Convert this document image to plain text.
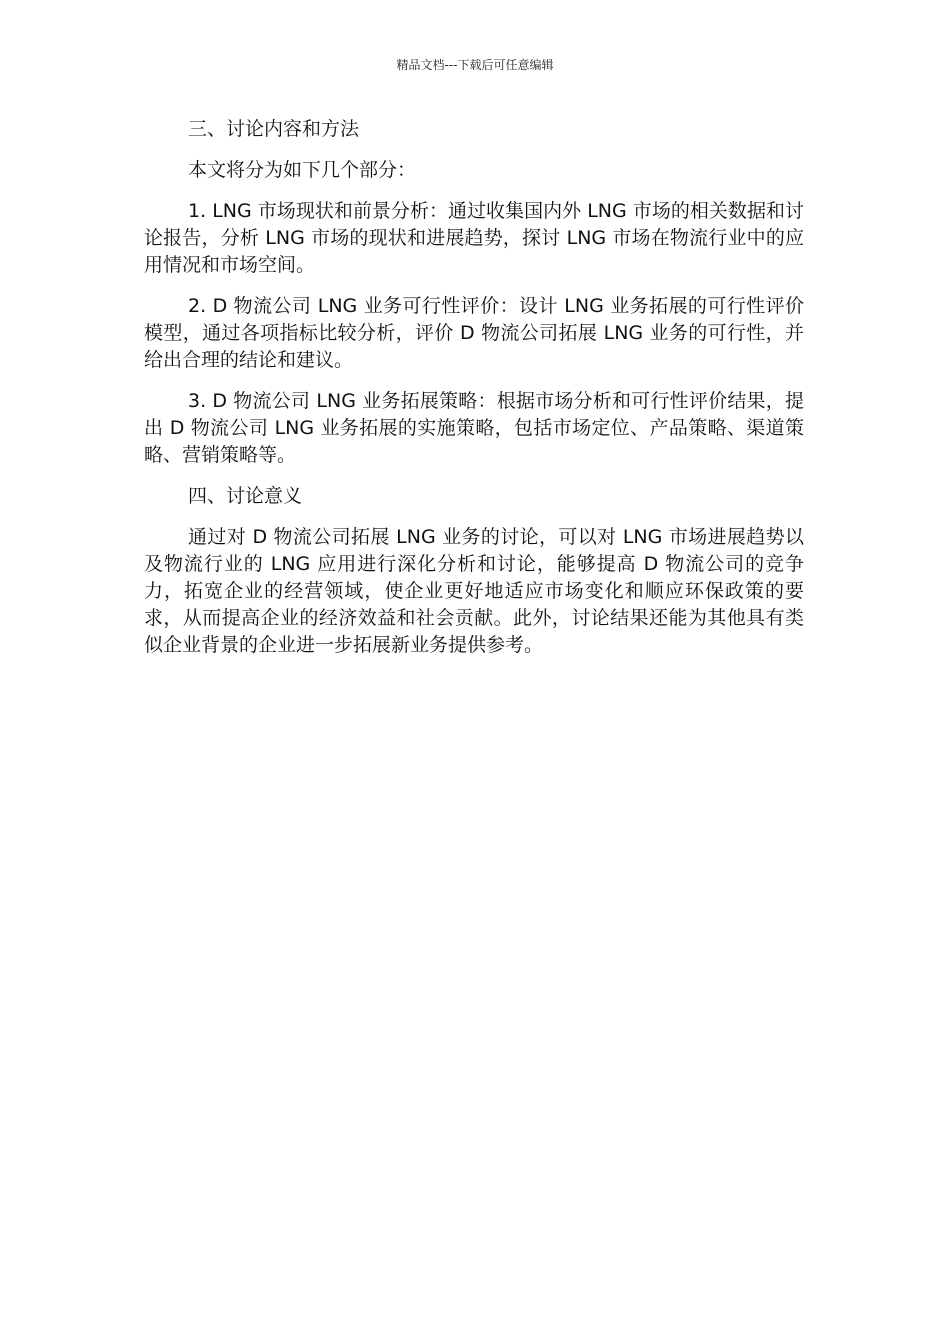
精品文档---下载后可任意编辑

三、讨论内容和方法

本文将分为如下几个部分：

1. LNG 市场现状和前景分析：通过收集国内外 LNG 市场的相关数据和讨论报告，分析 LNG 市场的现状和进展趋势，探讨 LNG 市场在物流行业中的应用情况和市场空间。

2. D 物流公司 LNG 业务可行性评价：设计 LNG 业务拓展的可行性评价模型，通过各项指标比较分析，评价 D 物流公司拓展 LNG 业务的可行性，并给出合理的结论和建议。

3. D 物流公司 LNG 业务拓展策略：根据市场分析和可行性评价结果，提出 D 物流公司 LNG 业务拓展的实施策略，包括市场定位、产品策略、渠道策略、营销策略等。

四、讨论意义

通过对 D 物流公司拓展 LNG 业务的讨论，可以对 LNG 市场进展趋势以及物流行业的 LNG 应用进行深化分析和讨论，能够提高 D 物流公司的竞争力，拓宽企业的经营领域，使企业更好地适应市场变化和顺应环保政策的要求，从而提高企业的经济效益和社会贡献。此外，讨论结果还能为其他具有类似企业背景的企业进一步拓展新业务提供参考。
